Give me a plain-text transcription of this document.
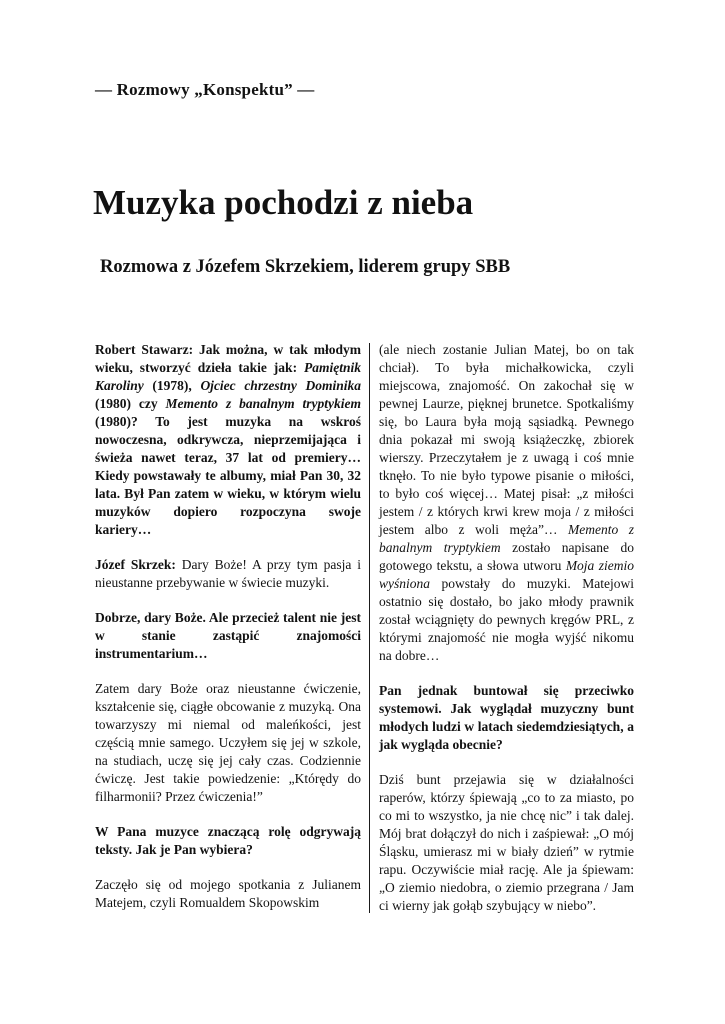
— Rozmowy „Konspektu” —
Muzyka pochodzi z nieba
Rozmowa z Józefem Skrzekiem, liderem grupy SBB

Robert Stawarz: Jak można, w tak młodym wieku, stworzyć dzieła takie jak: Pamiętnik Karoliny (1978), Ojciec chrzestny Dominika (1980) czy Memento z banalnym tryptykiem (1980)? To jest muzyka na wskroś nowoczesna, odkrywcza, nieprzemijająca i świeża nawet teraz, 37 lat od premiery… Kiedy powstawały te albumy, miał Pan 30, 32 lata. Był Pan zatem w wieku, w którym wielu muzyków dopiero rozpoczyna swoje kariery…

Józef Skrzek: Dary Boże! A przy tym pasja i nieustanne przebywanie w świecie muzyki.

Dobrze, dary Boże. Ale przecież talent nie jest w stanie zastąpić znajomości instrumentarium…

Zatem dary Boże oraz nieustanne ćwiczenie, kształcenie się, ciągłe obcowanie z muzyką. Ona towarzyszy mi niemal od maleńkości, jest częścią mnie samego. Uczyłem się jej w szkole, na studiach, uczę się jej cały czas. Codziennie ćwiczę. Jest takie powiedzenie: „Którędy do filharmonii? Przez ćwiczenia!”

W Pana muzyce znaczącą rolę odgrywają teksty. Jak je Pan wybiera?

Zaczęło się od mojego spotkania z Julianem Matejem, czyli Romualdem Skopowskim

(ale niech zostanie Julian Matej, bo on tak chciał). To była michałkowicka, czyli miejscowa, znajomość. On zakochał się w pewnej Laurze, pięknej brunetce. Spotkaliśmy się, bo Laura była moją sąsiadką. Pewnego dnia pokazał mi swoją książeczkę, zbiorek wierszy. Przeczytałem je z uwagą i coś mnie tknęło. To nie było typowe pisanie o miłości, to było coś więcej… Matej pisał: „z miłości jestem / z których krwi krew moja / z miłości jestem albo z woli męża”… Memento z banalnym tryptykiem zostało napisane do gotowego tekstu, a słowa utworu Moja ziemio wyśniona powstały do muzyki. Matejowi ostatnio się dostało, bo jako młody prawnik został wciągnięty do pewnych kręgów PRL, z którymi znajomość nie mogła wyjść nikomu na dobre…

Pan jednak buntował się przeciwko systemowi. Jak wyglądał muzyczny bunt młodych ludzi w latach siedemdziesiątych, a jak wygląda obecnie?

Dziś bunt przejawia się w działalności raperów, którzy śpiewają „co to za miasto, po co mi to wszystko, ja nie chcę nic” i tak dalej. Mój brat dołączył do nich i zaśpiewał: „O mój Śląsku, umierasz mi w biały dzień” w rytmie rapu. Oczywiście miał rację. Ale ja śpiewam: „O ziemio niedobra, o ziemio przegrana / Jam ci wierny jak gołąb szybujący w niebo”.
